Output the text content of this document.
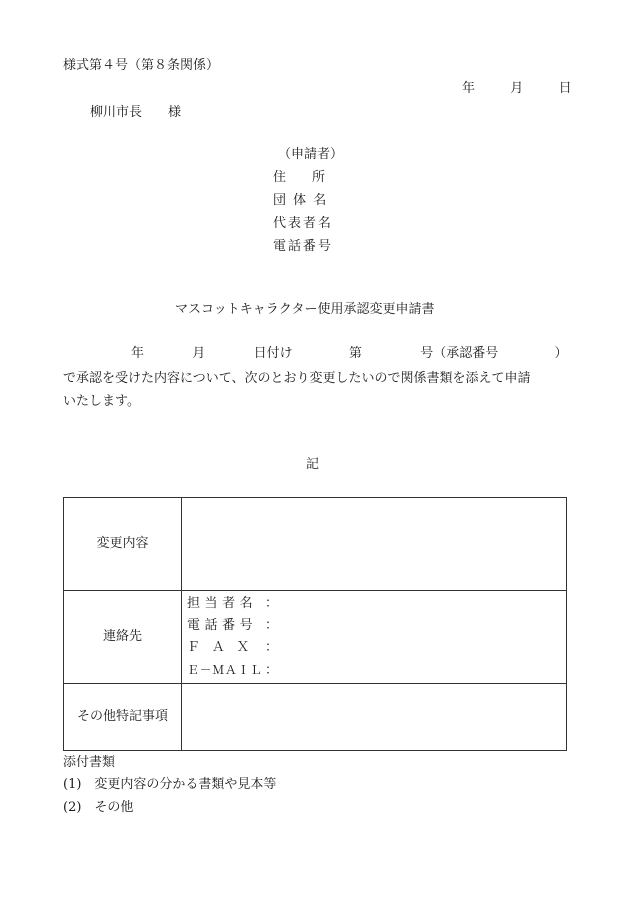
様式第４号（第８条関係）
年	月	日
柳川市長　　様
（申請者）
住　　所
団体名
代表者名
電話番号
マスコットキャラクター使用承認変更申請書
年	月	日付け	第	号（承認番号	）
で承認を受けた内容について、次のとおり変更したいので関係書類を添えて申請
いたします。
記
変更内容	
連絡先	担当者名 ：
電話番号 ：
ＦＡＸ ：
Ｅ－ＭＡＩＬ ：

その他特記事項	
添付書類
(1)　変更内容の分かる書類や見本等
(2)　その他
